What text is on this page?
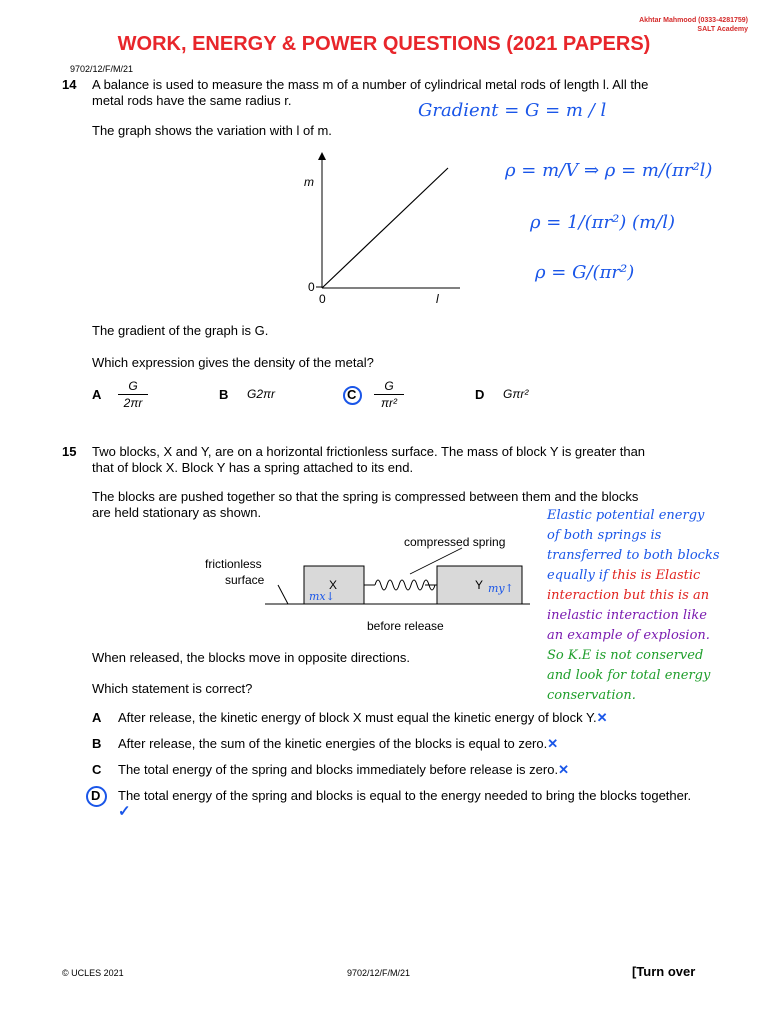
Akhtar Mahmood (0333-4281759)
SALT Academy
WORK, ENERGY & POWER QUESTIONS (2021 PAPERS)
9702/12/F/M/21
14 A balance is used to measure the mass m of a number of cylindrical metal rods of length l. All the
metal rods have the same radius r.
The graph shows the variation with l of m.
m
0
0	l
Gradient = G = m / l
ρ = m/V ⇒ ρ = m/(πr²l)
ρ = 1/(πr²) (m/l)
ρ = G/(πr²)
The gradient of the graph is G.
Which expression gives the density of the metal?
A
G
2πr
B G2πr	C
G
πr²
D Gπr²
15 Two blocks, X and Y, are on a horizontal frictionless surface. The mass of block Y is greater than
that of block X. Block Y has a spring attached to its end.
The blocks are pushed together so that the spring is compressed between them and the blocks
are held stationary as shown.
frictionless
surface
compressed spring
X	Y
mx↓
my↑
before release
Elastic potential energy
of both springs is
transferred to both blocks
equally if this is Elastic
interaction but this is an
inelastic interaction like
an example of explosion.
So K.E is not conserved
and look for total energy
conservation.
When released, the blocks move in opposite directions.
Which statement is correct?
A After release, the kinetic energy of block X must equal the kinetic energy of block Y.✕
B After release, the sum of the kinetic energies of the blocks is equal to zero.✕
C The total energy of the spring and blocks immediately before release is zero.✕
D The total energy of the spring and blocks is equal to the energy needed to bring the blocks together. ✓
© UCLES 2021	9702/12/F/M/21	[Turn over
